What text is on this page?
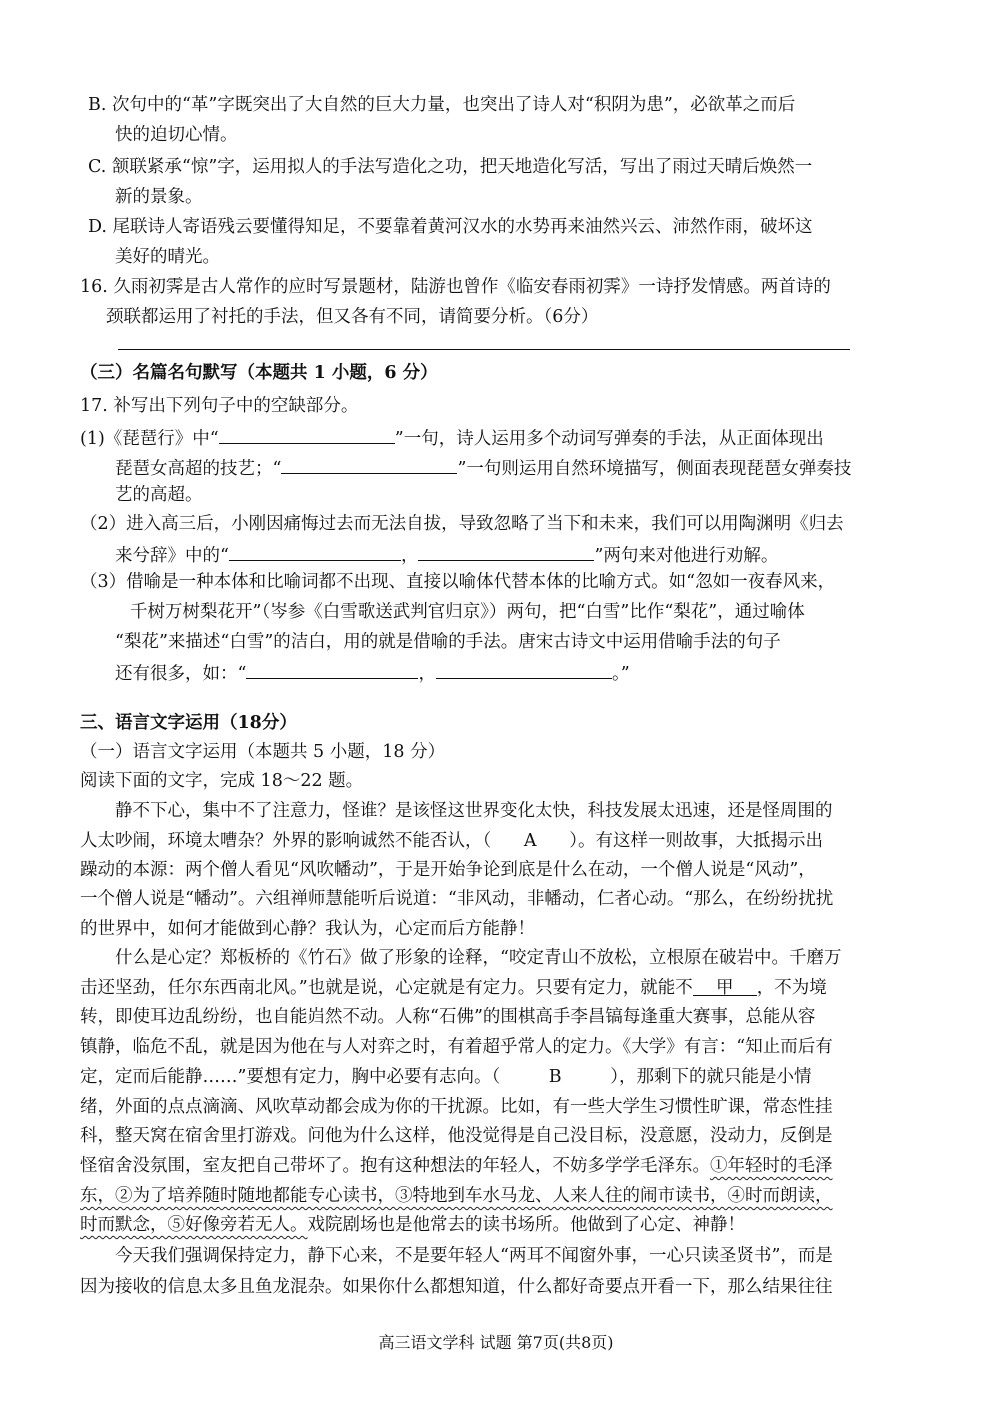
B. 次句中的“革”字既突出了大自然的巨大力量，也突出了诗人对“积阴为患”，必欲革之而后
快的迫切心情。
C. 颔联紧承“惊”字，运用拟人的手法写造化之功，把天地造化写活，写出了雨过天晴后焕然一
新的景象。
D. 尾联诗人寄语残云要懂得知足，不要靠着黄河汉水的水势再来油然兴云、沛然作雨，破坏这
美好的晴光。
16. 久雨初霁是古人常作的应时写景题材，陆游也曾作《临安春雨初霁》一诗抒发情感。两首诗的
颈联都运用了衬托的手法，但又各有不同，请简要分析。（6分）
（三）名篇名句默写（本题共 1 小题，6 分）
17. 补写出下列句子中的空缺部分。
(1)《琵琶行》中“	”一句，诗人运用多个动词写弹奏的手法，从正面体现出
琵琶女高超的技艺；“	”一句则运用自然环境描写，侧面表现琵琶女弹奏技
艺的高超。
（2）进入高三后，小刚因痛悔过去而无法自拔，导致忽略了当下和未来，我们可以用陶渊明《归去
来兮辞》中的“	，	”两句来对他进行劝解。
（3）借喻是一种本体和比喻词都不出现、直接以喻体代替本体的比喻方式。如“忽如一夜春风来，
千树万树梨花开”（岑参《白雪歌送武判官归京》）两句，把“白雪”比作“梨花”，通过喻体
“梨花”来描述“白雪”的洁白，用的就是借喻的手法。唐宋古诗文中运用借喻手法的句子
还有很多，如：“	，	。”
三、语言文字运用（18分）
（一）语言文字运用（本题共 5 小题，18 分）
阅读下面的文字，完成 18～22 题。
静不下心，集中不了注意力，怪谁？是该怪这世界变化太快，科技发展太迅速，还是怪周围的
人太吵闹，环境太嘈杂？外界的影响诚然不能否认，（ A ）。有这样一则故事，大抵揭示出
躁动的本源：两个僧人看见“风吹幡动”，于是开始争论到底是什么在动，一个僧人说是“风动”，
一个僧人说是“幡动”。六组禅师慧能听后说道：“非风动，非幡动，仁者心动。“那么，在纷纷扰扰
的世界中，如何才能做到心静？我认为，心定而后方能静！
什么是心定？郑板桥的《竹石》做了形象的诠释，“咬定青山不放松，立根原在破岩中。千磨万
击还坚劲，任尔东西南北风。”也就是说，心定就是有定力。只要有定力，就能不 甲 ，不为境
转，即使耳边乱纷纷，也自能岿然不动。人称“石佛”的围棋高手李昌镐每逢重大赛事，总能从容
镇静，临危不乱，就是因为他在与人对弈之时，有着超乎常人的定力。《大学》有言：“知止而后有
定，定而后能静……”要想有定力，胸中必要有志向。（	B	），那剩下的就只能是小情
绪，外面的点点滴滴、风吹草动都会成为你的干扰源。比如，有一些大学生习惯性旷课，常态性挂
科，整天窝在宿舍里打游戏。问他为什么这样，他没觉得是自己没目标，没意愿，没动力，反倒是
怪宿舍没氛围，室友把自己带坏了。抱有这种想法的年轻人，不妨多学学毛泽东。①年轻时的毛泽
东，②为了培养随时随地都能专心读书，③特地到车水马龙、人来人往的闹市读书，④时而朗读，
时而默念，⑤好像旁若无人。戏院剧场也是他常去的读书场所。他做到了心定、神静！
今天我们强调保持定力，静下心来，不是要年轻人“两耳不闻窗外事，一心只读圣贤书”，而是
因为接收的信息太多且鱼龙混杂。如果你什么都想知道，什么都好奇要点开看一下，那么结果往往
高三语文学科 试题 第7页(共8页)
